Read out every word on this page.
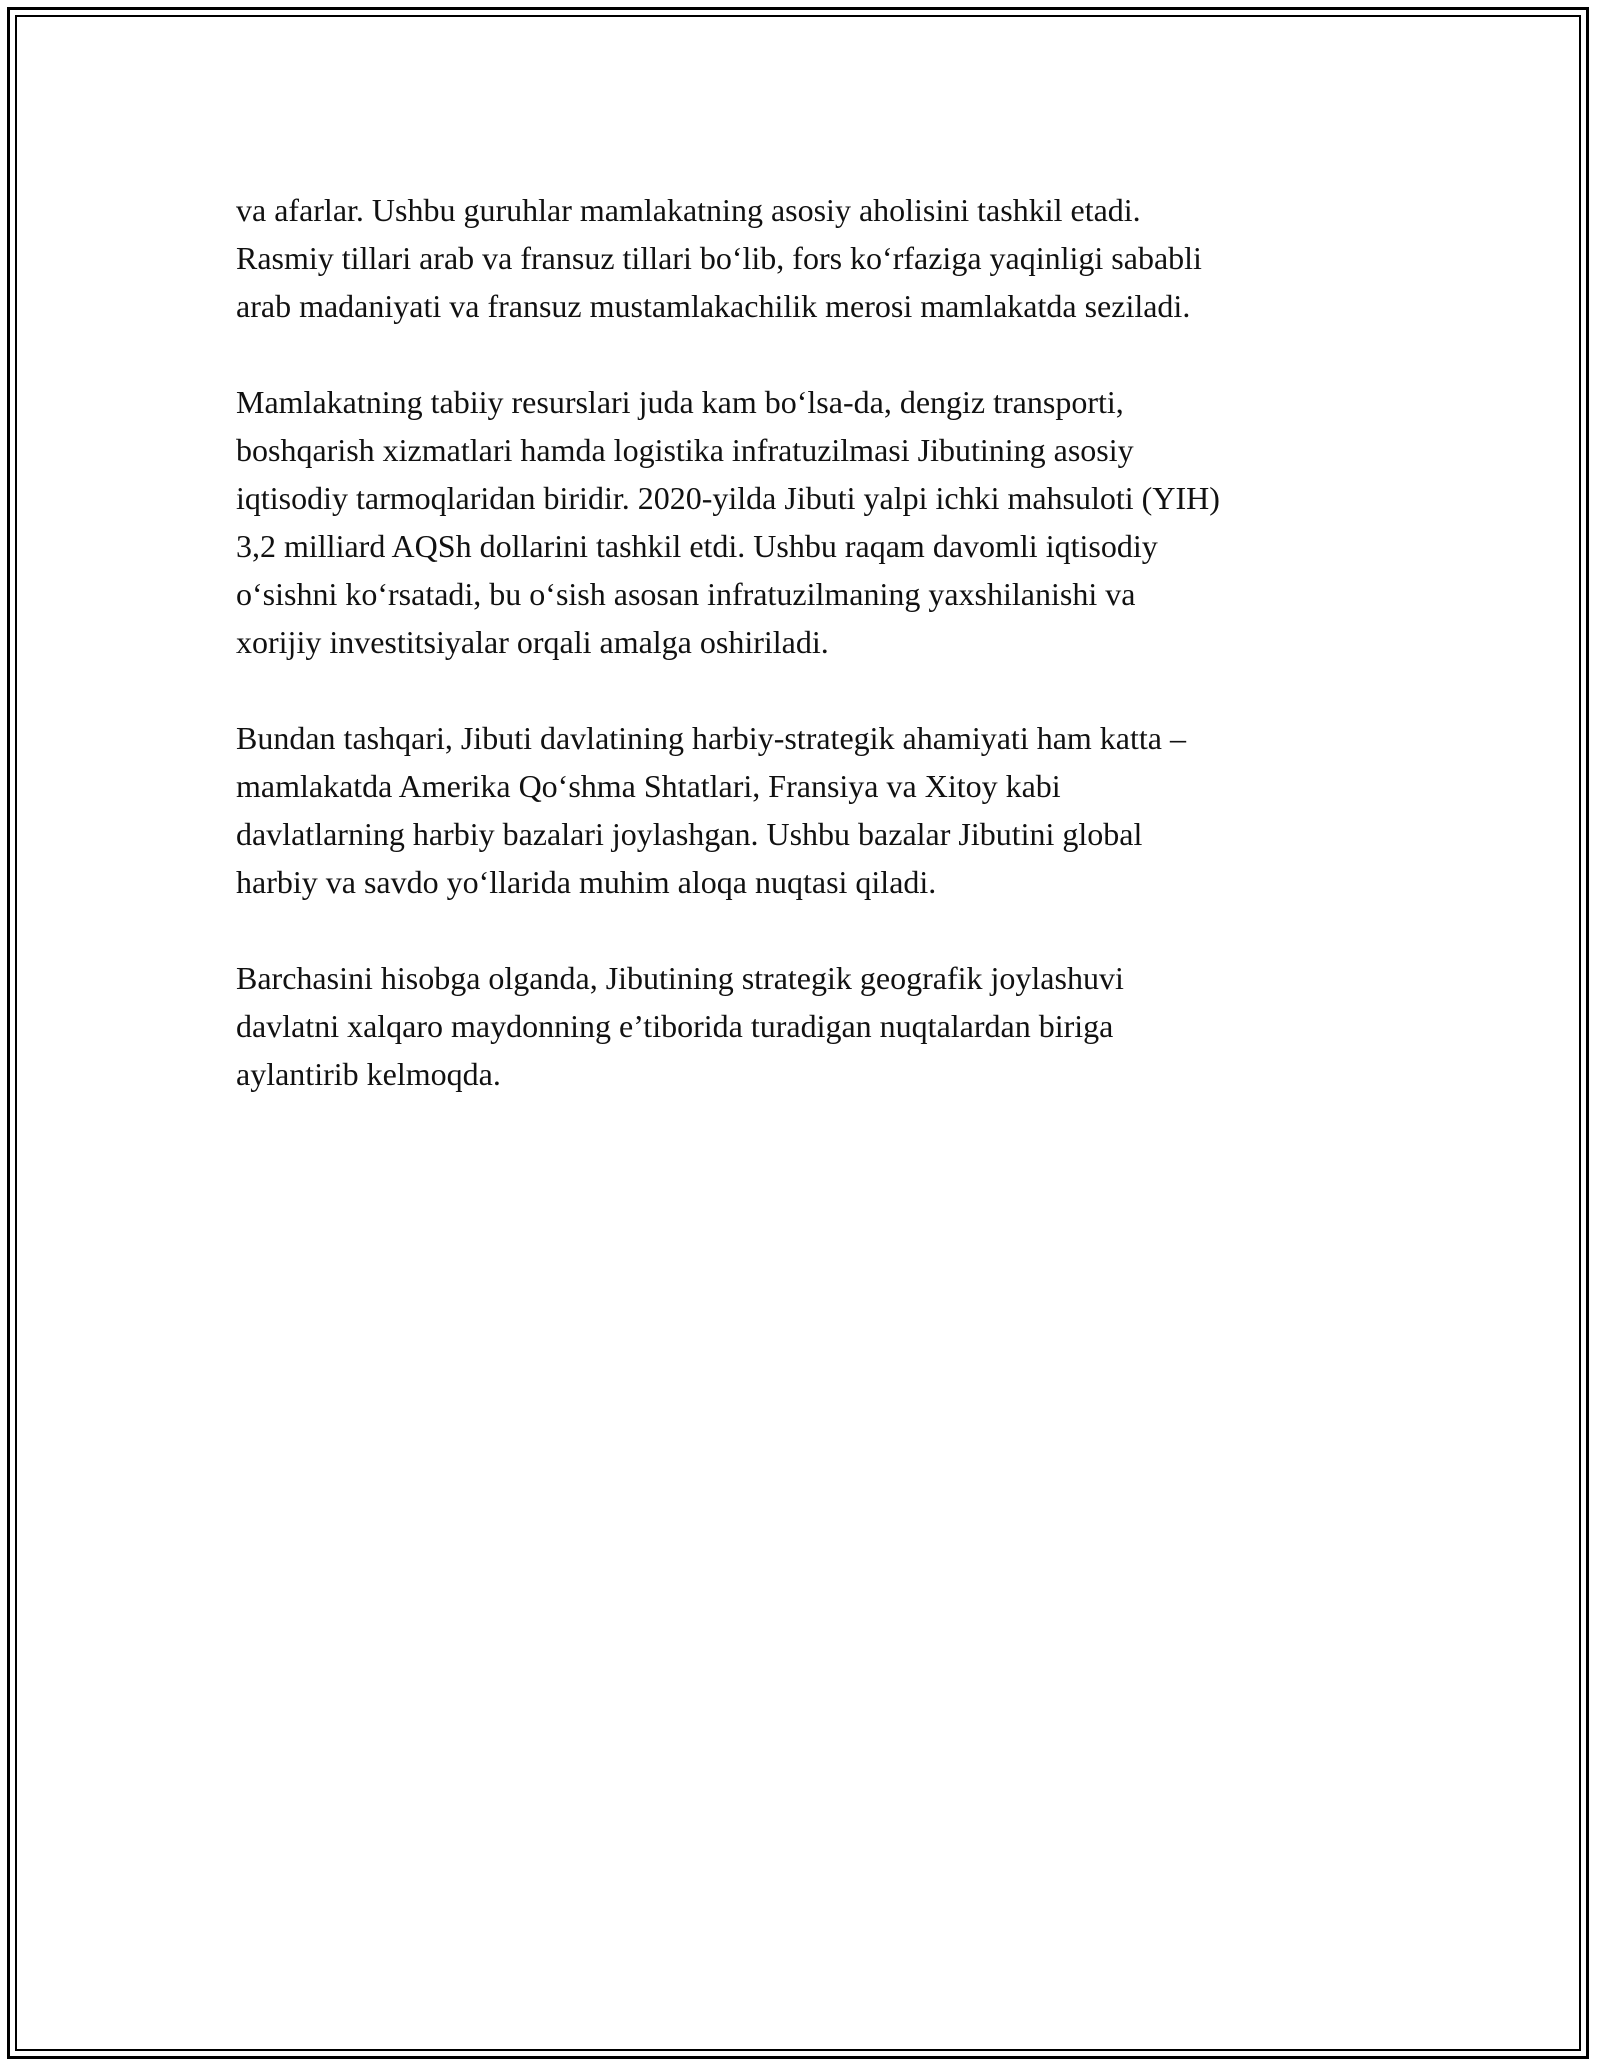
va afarlar. Ushbu guruhlar mamlakatning asosiy aholisini tashkil etadi.
Rasmiy tillari arab va fransuz tillari bo‘lib, fors ko‘rfaziga yaqinligi sababli
arab madaniyati va fransuz mustamlakachilik merosi mamlakatda seziladi.

Mamlakatning tabiiy resurslari juda kam bo‘lsa-da, dengiz transporti,
boshqarish xizmatlari hamda logistika infratuzilmasi Jibutining asosiy
iqtisodiy tarmoqlaridan biridir. 2020-yilda Jibuti yalpi ichki mahsuloti (YIH)
3,2 milliard AQSh dollarini tashkil etdi. Ushbu raqam davomli iqtisodiy
o‘sishni ko‘rsatadi, bu o‘sish asosan infratuzilmaning yaxshilanishi va
xorijiy investitsiyalar orqali amalga oshiriladi.

Bundan tashqari, Jibuti davlatining harbiy-strategik ahamiyati ham katta –
mamlakatda Amerika Qo‘shma Shtatlari, Fransiya va Xitoy kabi
davlatlarning harbiy bazalari joylashgan. Ushbu bazalar Jibutini global
harbiy va savdo yo‘llarida muhim aloqa nuqtasi qiladi.

Barchasini hisobga olganda, Jibutining strategik geografik joylashuvi
davlatni xalqaro maydonning e’tiborida turadigan nuqtalardan biriga
aylantirib kelmoqda.
